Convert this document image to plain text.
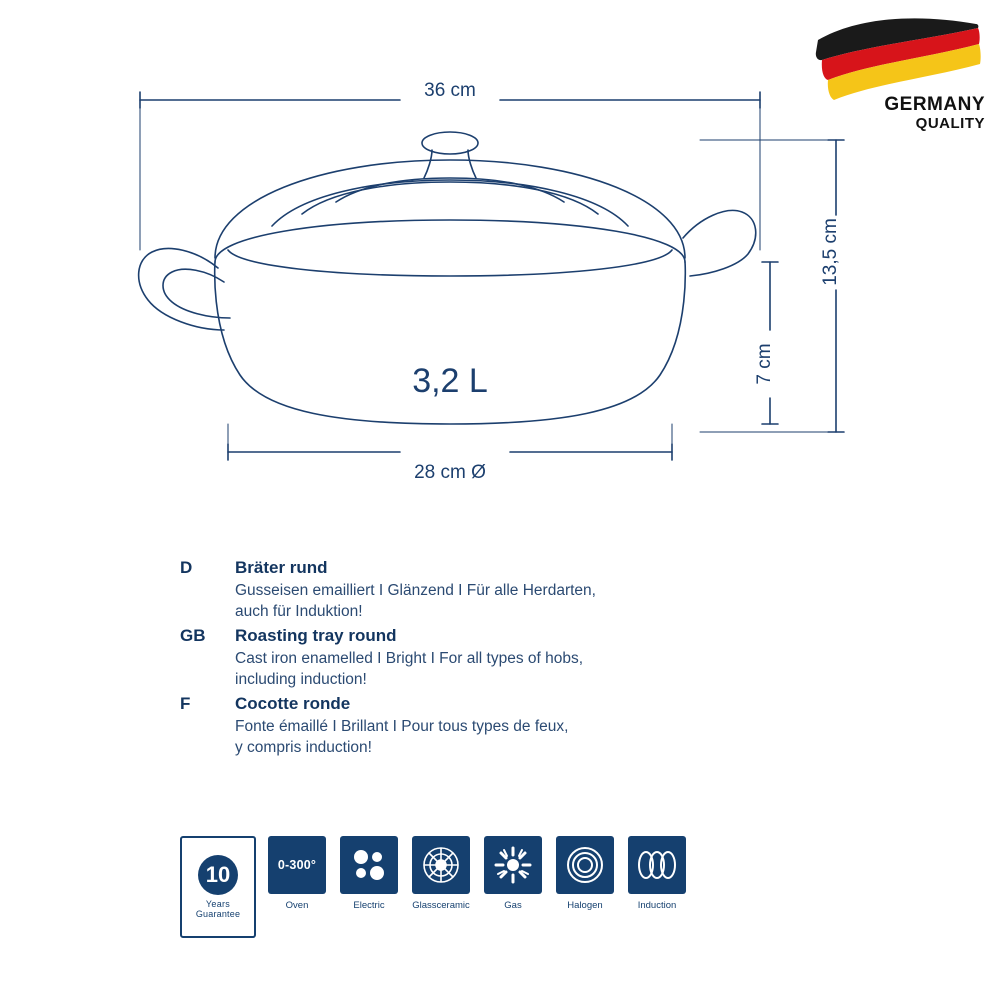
GERMANY
QUALITY
36 cm
3,2 L
28 cm Ø
13,5 cm
7 cm
D	Bräter rund
Gusseisen emailliert I Glänzend I Für alle Herdarten,
auch für Induktion!
GB	Roasting tray round
Cast iron enamelled I Bright I For all types of hobs,
including induction!
F	Cocotte ronde
Fonte émaillé I Brillant I Pour tous types de feux,
y compris induction!
10
Years
Guarantee
0-300°
Oven	Electric	Glassceramic	Gas	Halogen	Induction
